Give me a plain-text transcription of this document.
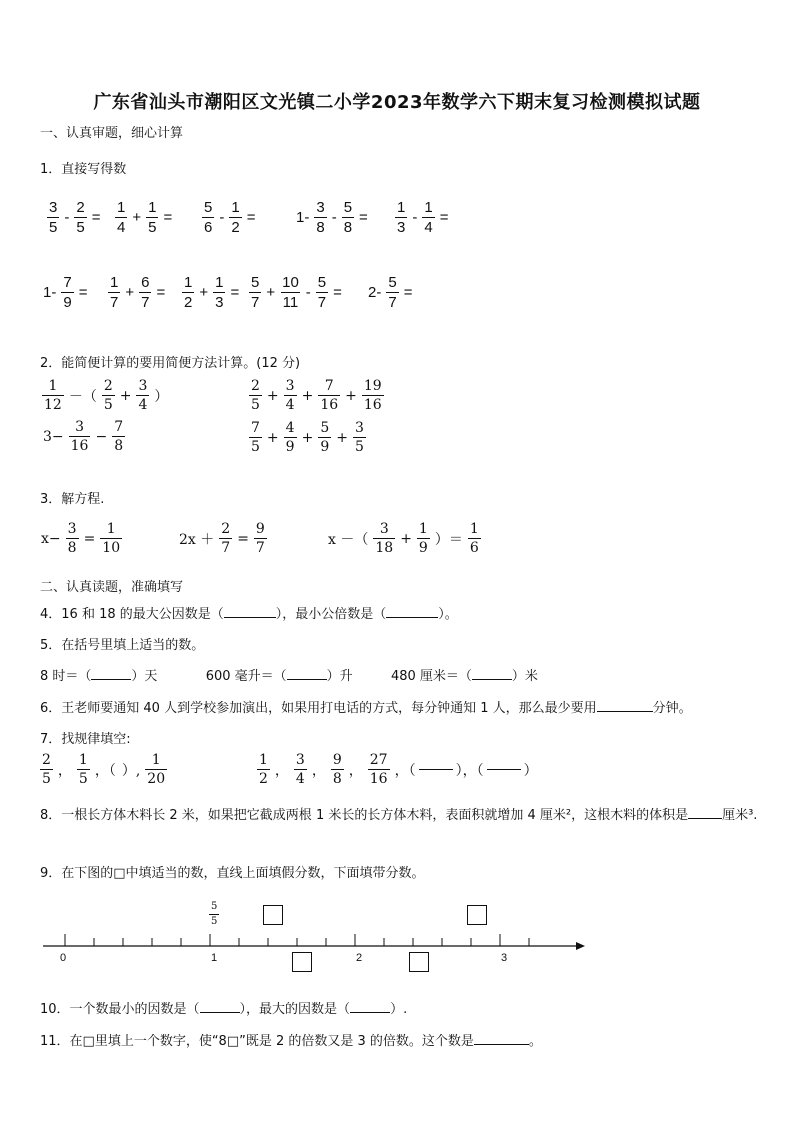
广东省汕头市潮阳区文光镇二小学2023年数学六下期末复习检测模拟试题
一、认真审题，细心计算
1．直接写得数
3
5
- $\frac{2}{5}$ =
1
4
+ $\frac{1}{5}$ =
5
6
- $\frac{1}{2}$ =	1-
3
8
- $\frac{5}{8}$ =
1
3
- $\frac{1}{4}$ =
$1- \frac{7}{9}$ =
1
7
+ $\frac{6}{7}$ =
1
2
+ $\frac{1}{3}$ =
5
7
+ $\frac{10}{11} - \frac{5}{7} = 2- \frac{5}{7}$ =
2．能简便计算的要用简便方法计算。(12 分)
1
12
－（
2
5
+ $\frac{3}{4}$ ）
2
5
+ $\frac{3}{4} + \frac{7}{16} + \frac{19}{16}$
$3- \frac{3}{16} - \frac{7}{8}$	7
5
+ $\frac{4}{9} + \frac{5}{9} + \frac{3}{5}$
3．解方程.
$x- \frac{3}{8} = \frac{1}{10}$	$2x + \frac{2}{7} = \frac{9}{7}$	x －（
3
18
+ $\frac{1}{9}$ ）＝
1
6
二、认真读题，准确填写
4．16 和 18 的最大公因数是（	），最小公倍数是（	）。
5．在括号里填上适当的数。
8 时＝（	）天	600 毫升＝（	）升	480 厘米＝（	）米
6．王老师要通知 40 人到学校参加演出，如果用打电话的方式，每分钟通知 1 人，那么最少要用	分钟。
7．找规律填空:
2
5
，
1
5
，（ ）,
1
20
1
2
，
3
4
，
9
8
，
27
16
，（	），（	）
8．一根长方体木料长 2 米，如果把它截成两根 1 米长的长方体木料，表面积就增加 4 厘米²，这根木料的体积是	厘米³.
9．在下图的□中填适当的数，直线上面填假分数，下面填带分数。
0	1	2	3
5
5
10．一个数最小的因数是（	），最大的因数是（	）.
11．在□里填上一个数字，使“8□”既是 2 的倍数又是 3 的倍数。这个数是	。
